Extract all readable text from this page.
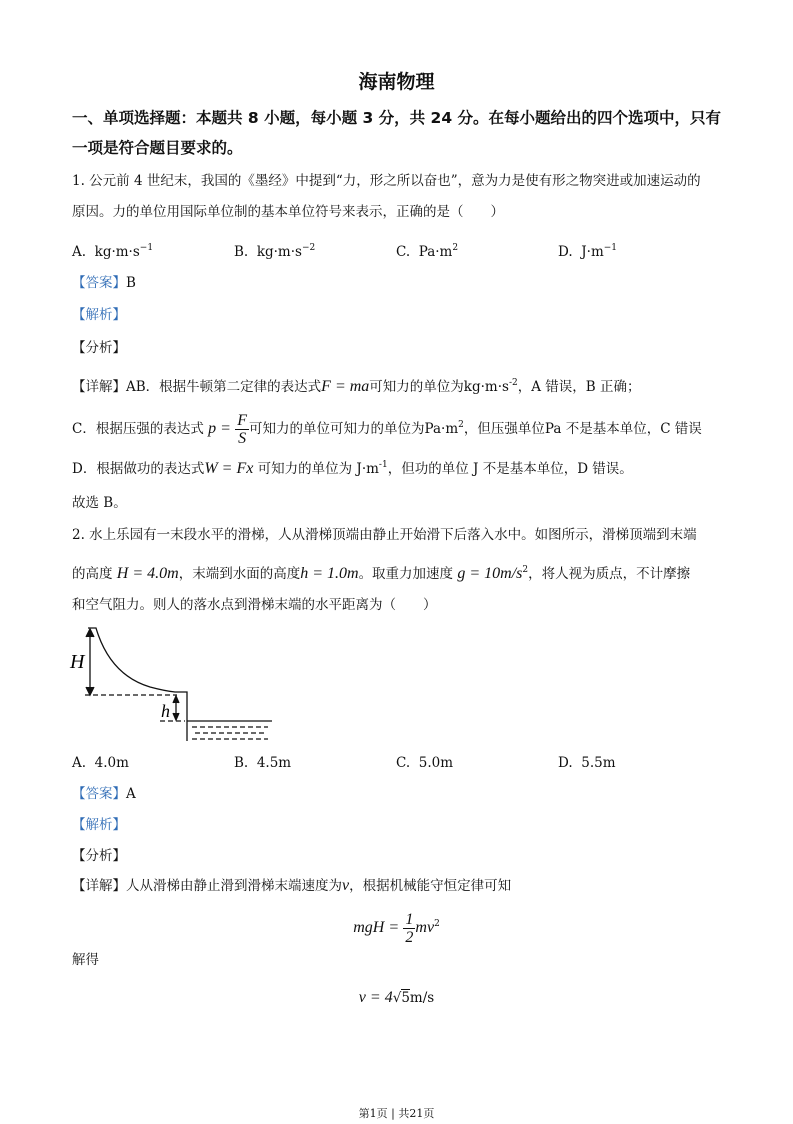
海南物理
一、单项选择题：本题共 8 小题，每小题 3 分，共 24 分。在每小题给出的四个选项中，只有
一项是符合题目要求的。
1. 公元前 4 世纪末，我国的《墨经》中提到“力，形之所以奋也”，意为力是使有形之物突进或加速运动的
原因。力的单位用国际单位制的基本单位符号来表示，正确的是（　　）
A. $kg\cdot m\cdot s^{-1}$	B. $kg\cdot m\cdot s^{-2}$	C. $Pa\cdot m^2$	D. $J\cdot m^{-1}$
【答案】B
【解析】
【分析】
【详解】AB．根据牛顿第二定律的表达式F = ma可知力的单位为$kg\cdot m\cdot s^{-2}$，A 错误，B 正确；
C．根据压强的表达式 $p = \frac{F}{S}$ 可知力的单位可知力的单位为$Pa\cdot m^2$，但压强单位Pa 不是基本单位，C 错误
D．根据做功的表达式W = Fx 可知力的单位为 $J\cdot m^{-1}$，但功的单位 J 不是基本单位，D 错误。
故选 B。
2. 水上乐园有一末段水平的滑梯，人从滑梯顶端由静止开始滑下后落入水中。如图所示，滑梯顶端到末端
的高度 H = 4.0m，末端到水面的高度h = 1.0m。取重力加速度 $g = 10m/s^2$，将人视为质点，不计摩擦
和空气阻力。则人的落水点到滑梯末端的水平距离为（　　）
H
h
A. 4.0m	B. 4.5m	C. 5.0m	D. 5.5m
【答案】A
【解析】
【分析】
【详解】人从滑梯由静止滑到滑梯末端速度为v，根据机械能守恒定律可知
mgH = $\frac{1}{2} mv^2$
解得
v = 4√5m/s
第1页 | 共21页
